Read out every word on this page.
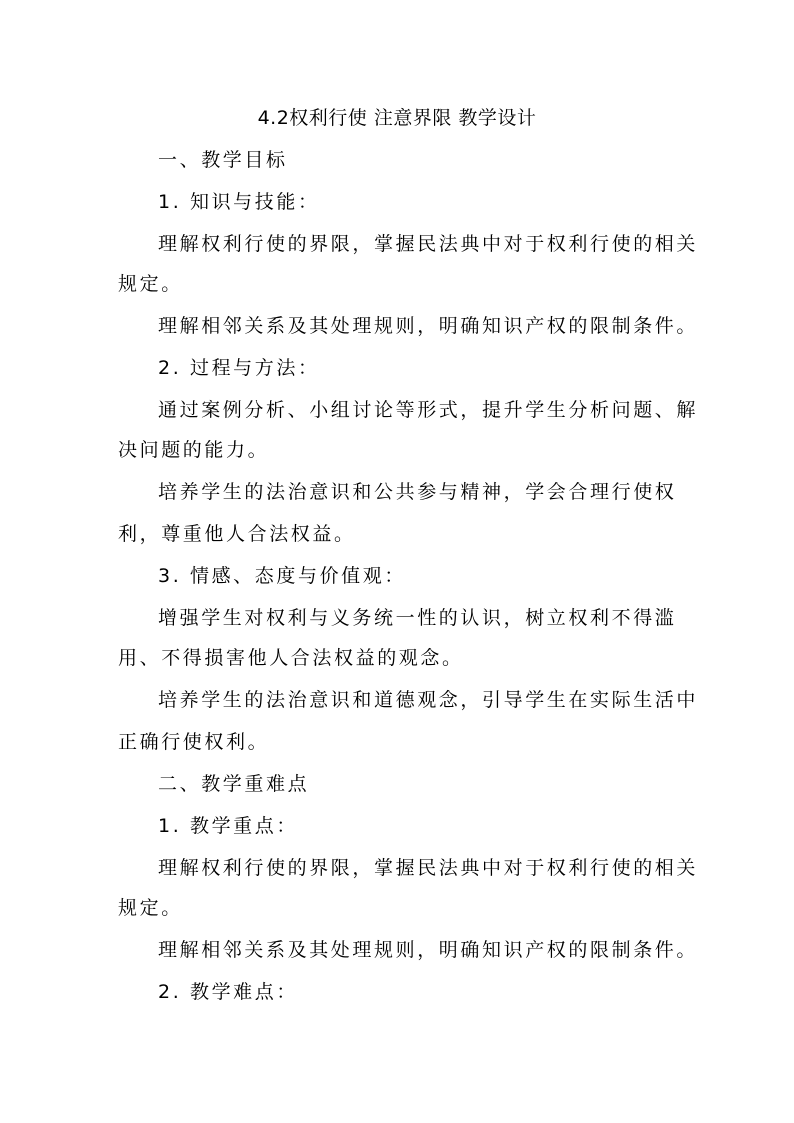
4.2权利行使 注意界限 教学设计

一、教学目标

1. 知识与技能：

理解权利行使的界限，掌握民法典中对于权利行使的相关

规定。

理解相邻关系及其处理规则，明确知识产权的限制条件。

2. 过程与方法：

通过案例分析、小组讨论等形式，提升学生分析问题、解

决问题的能力。

培养学生的法治意识和公共参与精神，学会合理行使权

利，尊重他人合法权益。

3. 情感、态度与价值观：

增强学生对权利与义务统一性的认识，树立权利不得滥

用、不得损害他人合法权益的观念。

培养学生的法治意识和道德观念，引导学生在实际生活中

正确行使权利。

二、教学重难点

1. 教学重点：

理解权利行使的界限，掌握民法典中对于权利行使的相关

规定。

理解相邻关系及其处理规则，明确知识产权的限制条件。

2. 教学难点：
